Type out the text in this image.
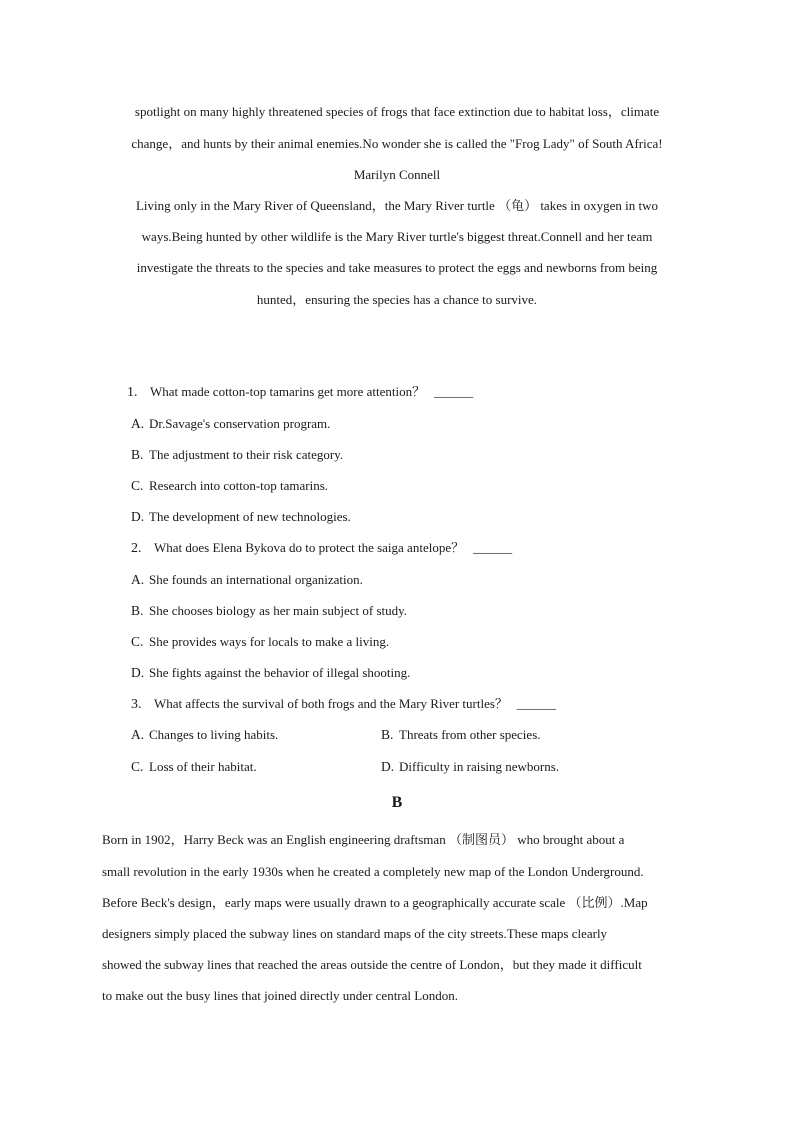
spotlight on many highly threatened species of frogs that face extinction due to habitat loss，climate
change，and hunts by their animal enemies.No wonder she is called the "Frog Lady" of South Africa!
Marilyn Connell
Living only in the Mary River of Queensland，the Mary River turtle （龟） takes in oxygen in two
ways.Being hunted by other wildlife is the Mary River turtle's biggest threat.Connell and her team
investigate the threats to the species and take measures to protect the eggs and newborns from being
hunted，ensuring the species has a chance to survive.
1. What made cotton-top tamarins get more attention？ ______
A. Dr.Savage's conservation program.
B. The adjustment to their risk category.
C. Research into cotton-top tamarins.
D. The development of new technologies.
2. What does Elena Bykova do to protect the saiga antelope？ ______
A. She founds an international organization.
B. She chooses biology as her main subject of study.
C. She provides ways for locals to make a living.
D. She fights against the behavior of illegal shooting.
3. What affects the survival of both frogs and the Mary River turtles？ ______
A. Changes to living habits.	B. Threats from other species.
C. Loss of their habitat.	D. Difficulty in raising newborns.
B
Born in 1902，Harry Beck was an English engineering draftsman （制图员） who brought about a
small revolution in the early 1930s when he created a completely new map of the London Underground.
Before Beck's design，early maps were usually drawn to a geographically accurate scale （比例）.Map
designers simply placed the subway lines on standard maps of the city streets.These maps clearly
showed the subway lines that reached the areas outside the centre of London，but they made it difficult
to make out the busy lines that joined directly under central London.
